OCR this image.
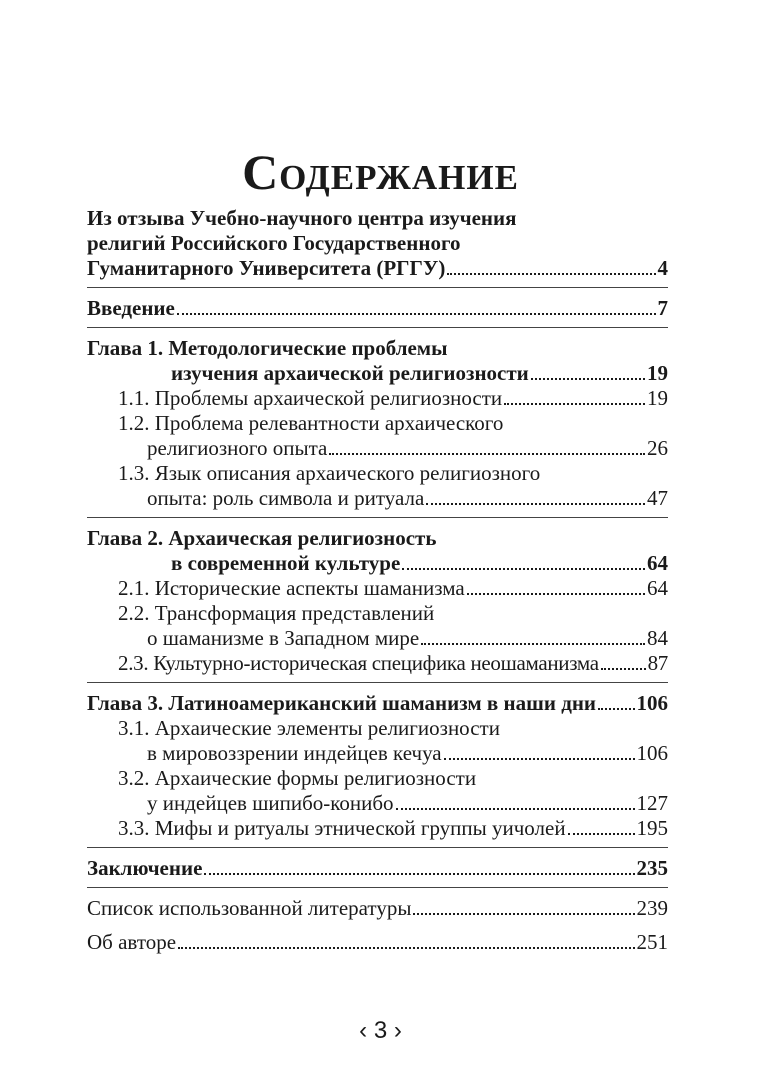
Содержание
Из отзыва Учебно-научного центра изучения
религий Российского Государственного
Гуманитарного Университета (РГГУ)	4
Введение	7
Глава 1. Методологические проблемы
изучения архаической религиозности	19
1.1. Проблемы архаической религиозности	19
1.2. Проблема релевантности архаического
религиозного опыта	26
1.3. Язык описания архаического религиозного
опыта: роль символа и ритуала	47
Глава 2. Архаическая религиозность
в современной культуре	64
2.1. Исторические аспекты шаманизма	64
2.2. Трансформация представлений
о шаманизме в Западном мире	84
2.3. Культурно-историческая специфика неошаманизма 87
Глава 3. Латиноамериканский шаманизм в наши дни 106
3.1. Архаические элементы религиозности
в мировоззрении индейцев кечуа	106
3.2. Архаические формы религиозности
у индейцев шипибо-конибо	127
3.3. Мифы и ритуалы этнической группы уичолей	195
Заключение	235
Список использованной литературы	239
Об авторе	251
‹ 3 ›
